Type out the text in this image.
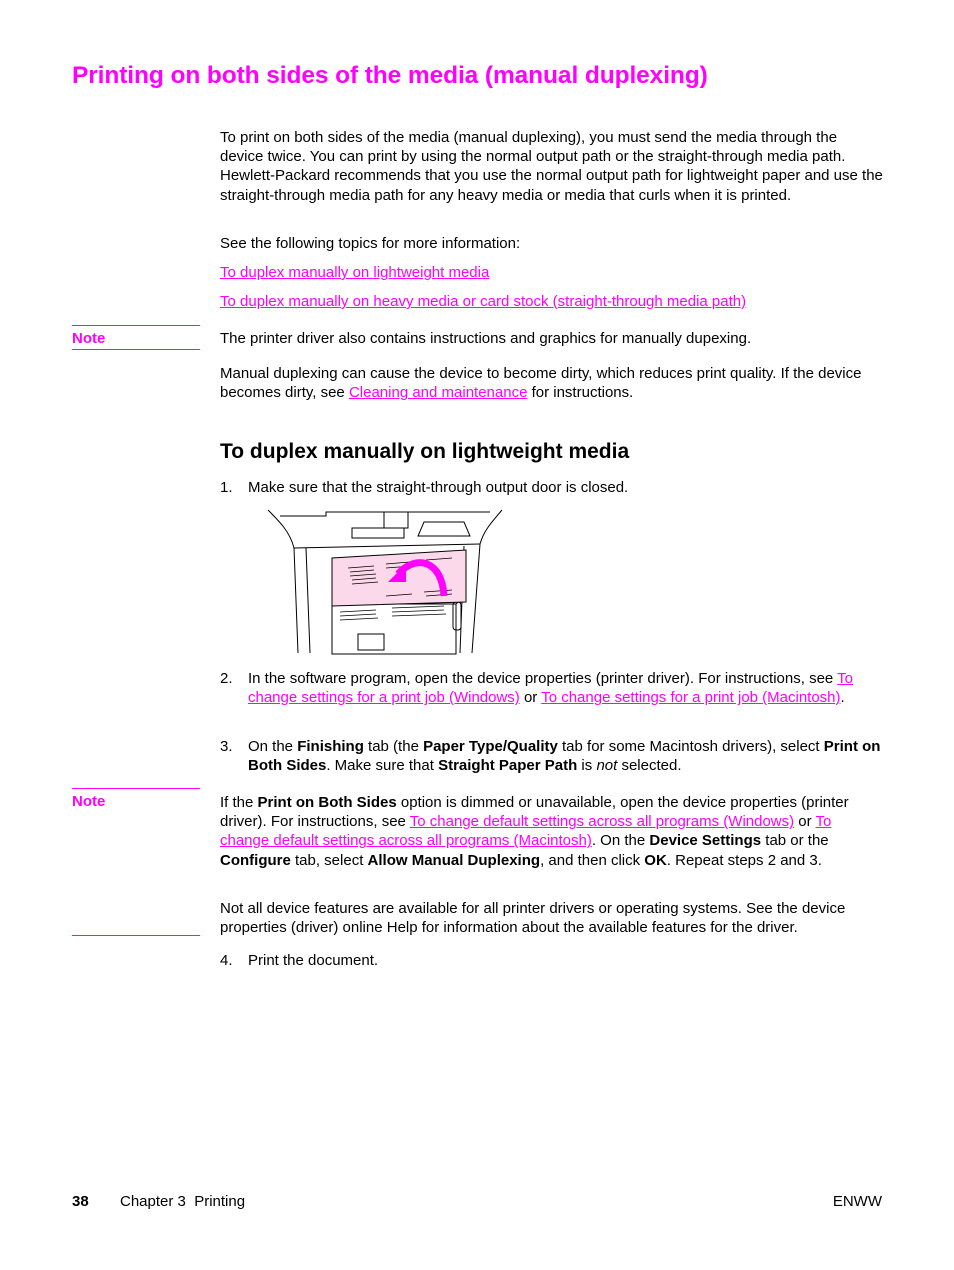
Printing on both sides of the media (manual duplexing)
To print on both sides of the media (manual duplexing), you must send the media through the device twice. You can print by using the normal output path or the straight-through media path. Hewlett-Packard recommends that you use the normal output path for lightweight paper and use the straight-through media path for any heavy media or media that curls when it is printed.
See the following topics for more information:
To duplex manually on lightweight media
To duplex manually on heavy media or card stock (straight-through media path)
Note	The printer driver also contains instructions and graphics for manually dupexing.
Manual duplexing can cause the device to become dirty, which reduces print quality. If the device becomes dirty, see Cleaning and maintenance for instructions.
To duplex manually on lightweight media
1. Make sure that the straight-through output door is closed.
2. In the software program, open the device properties (printer driver). For instructions, see To change settings for a print job (Windows) or To change settings for a print job (Macintosh).
3. On the Finishing tab (the Paper Type/Quality tab for some Macintosh drivers), select Print on Both Sides. Make sure that Straight Paper Path is not selected.
Note	If the Print on Both Sides option is dimmed or unavailable, open the device properties (printer driver). For instructions, see To change default settings across all programs (Windows) or To change default settings across all programs (Macintosh). On the Device Settings tab or the Configure tab, select Allow Manual Duplexing, and then click OK. Repeat steps 2 and 3.
Not all device features are available for all printer drivers or operating systems. See the device properties (driver) online Help for information about the available features for the driver.
4. Print the document.
38 Chapter 3  Printing	ENWW
